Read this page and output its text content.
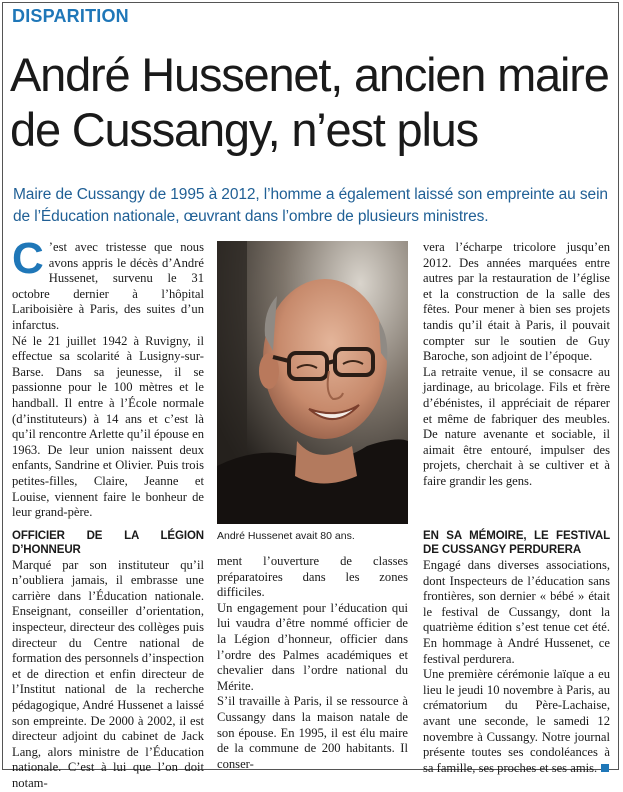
DISPARITION
André Hussenet, ancien maire de Cussangy, n’est plus

Maire de Cussangy de 1995 à 2012, l’homme a également laissé son empreinte au sein de l’Éducation nationale, œuvrant dans l’ombre de plusieurs ministres.

C ’est avec tristesse que nous avons appris le décès d’André Hussenet, survenu le 31 octobre dernier à l’hôpital Lariboisière à Paris, des suites d’un infarctus.

Né le 21 juillet 1942 à Ruvigny, il effectue sa scolarité à Lusigny-sur-Barse. Dans sa jeunesse, il se passionne pour le 100 mètres et le handball. Il entre à l’École normale (d’instituteurs) à 14 ans et c’est là qu’il rencontre Arlette qu’il épouse en 1963. De leur union naissent deux enfants, Sandrine et Olivier. Puis trois petites-filles, Claire, Jeanne et Louise, viennent faire le bonheur de leur grand-père.

OFFICIER DE LA LÉGION D’HONNEUR

Marqué par son instituteur qu’il n’oubliera jamais, il embrasse une carrière dans l’Éducation nationale. Enseignant, conseiller d’orientation, inspecteur, directeur des collèges puis directeur du Centre national de formation des personnels d’inspection et de direction et enfin directeur de l’Institut national de la recherche pédagogique, André Hussenet a laissé son empreinte. De 2000 à 2002, il est directeur adjoint du cabinet de Jack Lang, alors ministre de l’Éducation nationale. C’est à lui que l’on doit notam-

André Hussenet avait 80 ans.

ment l’ouverture de classes préparatoires dans les zones difficiles.

Un engagement pour l’éducation qui lui vaudra d’être nommé officier de la Légion d’honneur, officier dans l’ordre des Palmes académiques et chevalier dans l’ordre national du Mérite.

S’il travaille à Paris, il se ressource à Cussangy dans la maison natale de son épouse. En 1995, il est élu maire de la commune de 200 habitants. Il conser-

vera l’écharpe tricolore jusqu’en 2012. Des années marquées entre autres par la restauration de l’église et la construction de la salle des fêtes. Pour mener à bien ses projets tandis qu’il était à Paris, il pouvait compter sur le soutien de Guy Baroche, son adjoint de l’époque.

La retraite venue, il se consacre au jardinage, au bricolage. Fils et frère d’ébénistes, il appréciait de réparer et même de fabriquer des meubles. De nature avenante et sociable, il aimait être entouré, impulser des projets, cherchait à se cultiver et à faire grandir les gens.

EN SA MÉMOIRE, LE FESTIVAL DE CUSSANGY PERDURERA

Engagé dans diverses associations, dont Inspecteurs de l’éducation sans frontières, son dernier « bébé » était le festival de Cussangy, dont la quatrième édition s’est tenue cet été. En hommage à André Hussenet, ce festival perdurera.

Une première cérémonie laïque a eu lieu le jeudi 10 novembre à Paris, au crématorium du Père-Lachaise, avant une seconde, le samedi 12 novembre à Cussangy. Notre journal présente toutes ses condoléances à sa famille, ses proches et ses amis.
